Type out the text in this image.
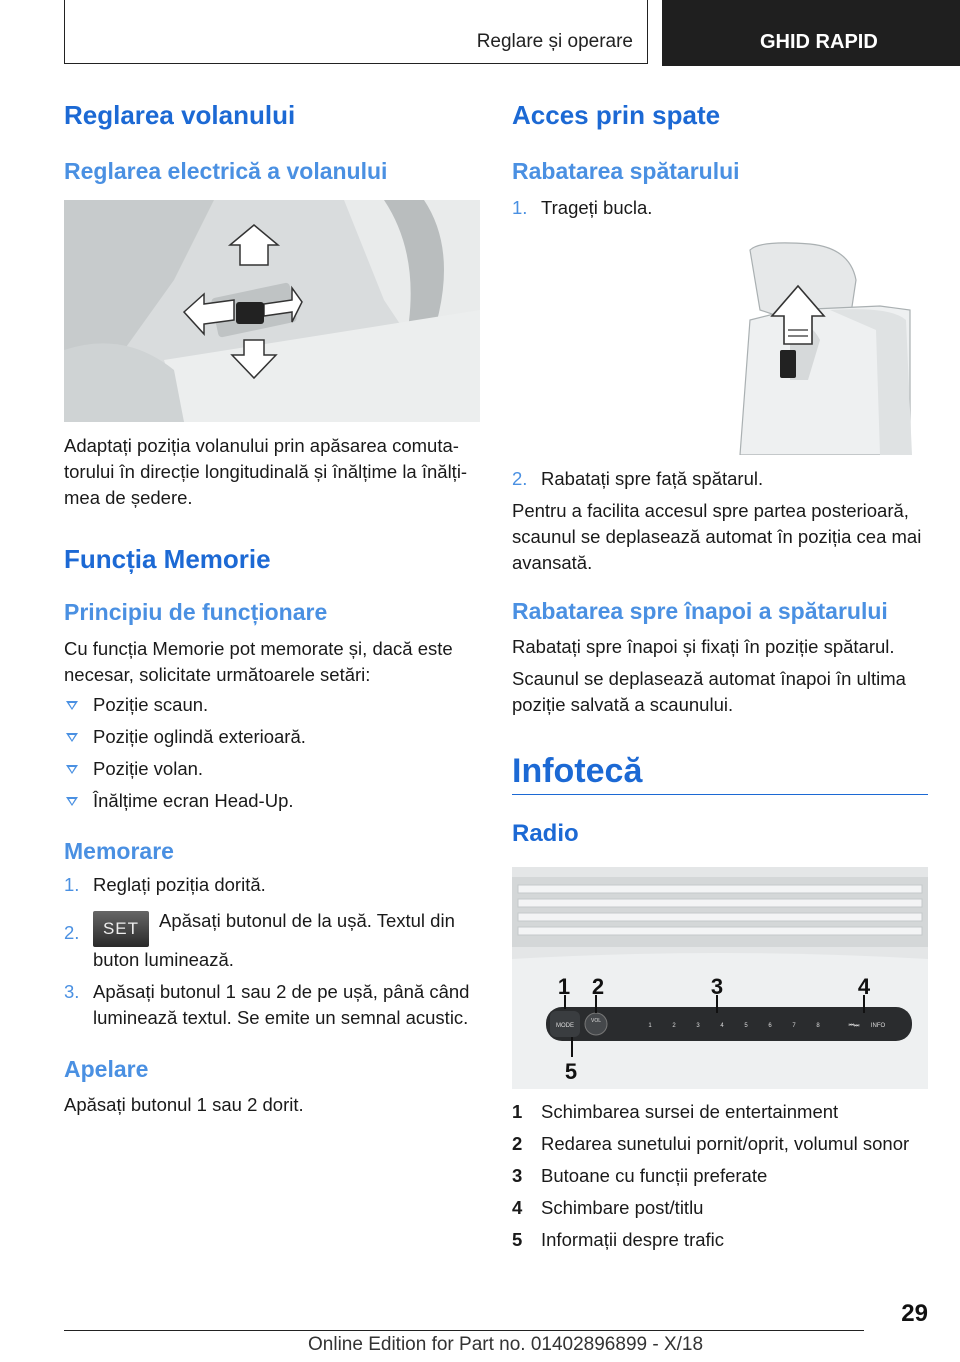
Reglare și operare	GHID RAPID
Reglarea volanului
Reglarea electrică a volanului

Adaptați poziția volanului prin apăsarea comuta-torului în direcție longitudinală și înălțime la înălți-mea de ședere.

Funcția Memorie
Principiu de funcționare

Cu funcția Memorie pot memorate și, dacă este necesar, solicitate următoarele setări:

Poziție scaun.
Poziție oglindă exterioară.
Poziție volan.
Înălțime ecran Head-Up.
Memorare
1. Reglați poziția dorită.
2. SET Apăsați butonul de la ușă. Textul din buton luminează.
3. Apăsați butonul 1 sau 2 de pe ușă, până când luminează textul. Se emite un semnal acustic.
Apelare

Apăsați butonul 1 sau 2 dorit.

Acces prin spate
Rabatarea spătarului
1. Trageți bucla.
2. Rabatați spre față spătarul.

Pentru a facilita accesul spre partea posterioară, scaunul se deplasează automat în poziția cea mai avansată.

Rabatarea spre înapoi a spătarului

Rabatați spre înapoi și fixați în poziție spătarul.

Scaunul se deplasează automat înapoi în ultima poziție salvată a scaunului.

Infotecă
Radio
MODE
VOL
1	2	3	4	5	6	7	8	⏮⏭ INFO
1 2	3	4
5
1 Schimbarea sursei de entertainment
2 Redarea sunetului pornit/oprit, volumul sonor
3 Butoane cu funcții preferate
4 Schimbare post/titlu
5 Informații despre trafic
29
Online Edition for Part no. 01402896899 - X/18
